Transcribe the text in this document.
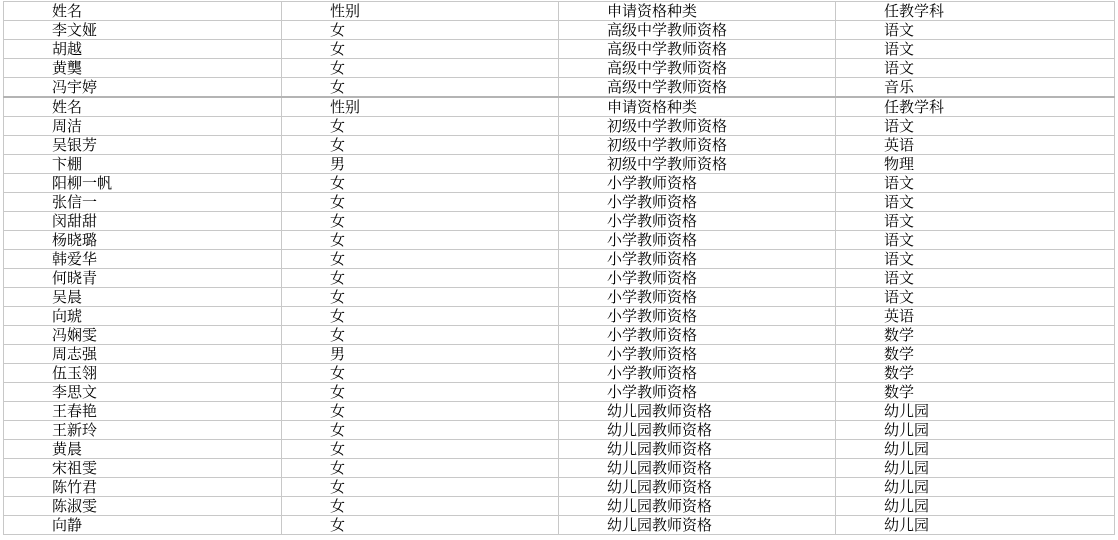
姓名	性别	申请资格种类	任教学科
李文娅	女	高级中学教师资格	语文
胡越	女	高级中学教师资格	语文
黄龑	女	高级中学教师资格	语文
冯宇婷	女	高级中学教师资格	音乐
姓名	性别	申请资格种类	任教学科
周洁	女	初级中学教师资格	语文
吴银芳	女	初级中学教师资格	英语
卞棚	男	初级中学教师资格	物理
阳柳一帆	女	小学教师资格	语文
张信一	女	小学教师资格	语文
闵甜甜	女	小学教师资格	语文
杨晓璐	女	小学教师资格	语文
韩爱华	女	小学教师资格	语文
何晓青	女	小学教师资格	语文
吴晨	女	小学教师资格	语文
向琥	女	小学教师资格	英语
冯娴雯	女	小学教师资格	数学
周志强	男	小学教师资格	数学
伍玉翎	女	小学教师资格	数学
李思文	女	小学教师资格	数学
王春艳	女	幼儿园教师资格	幼儿园
王新玲	女	幼儿园教师资格	幼儿园
黄晨	女	幼儿园教师资格	幼儿园
宋祖雯	女	幼儿园教师资格	幼儿园
陈竹君	女	幼儿园教师资格	幼儿园
陈淑雯	女	幼儿园教师资格	幼儿园
向静	女	幼儿园教师资格	幼儿园
